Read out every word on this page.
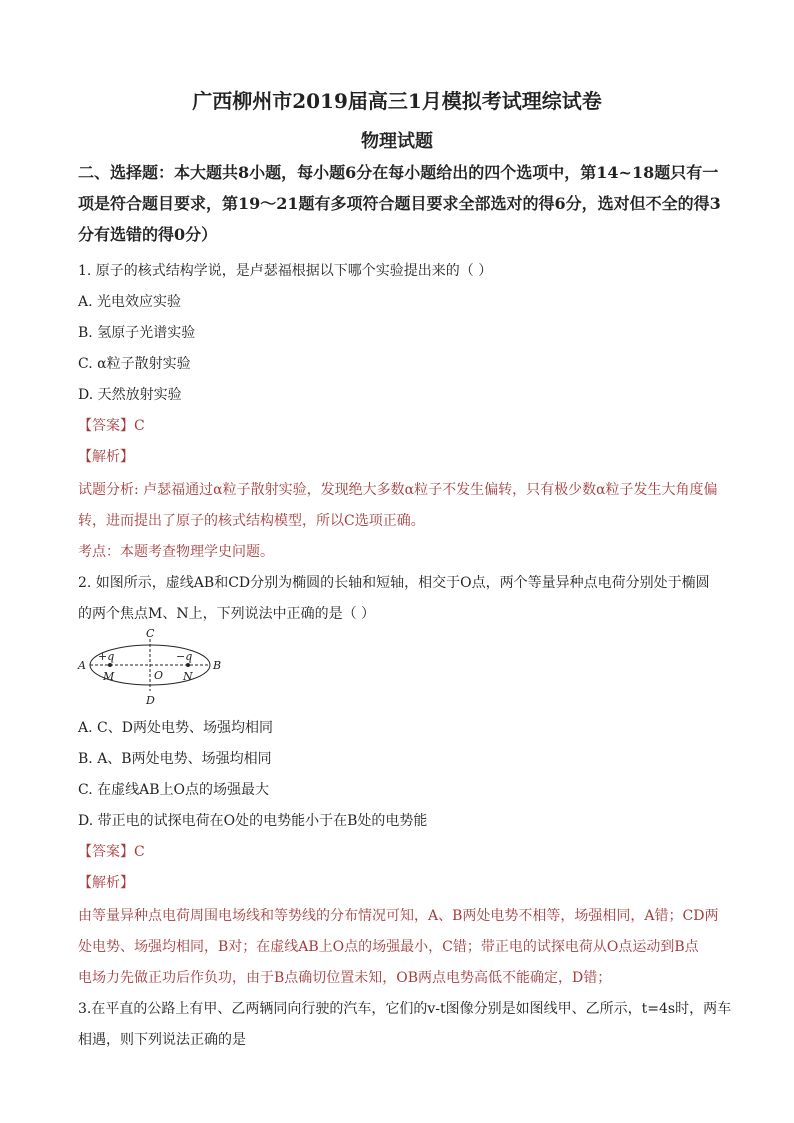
广西柳州市2019届高三1月模拟考试理综试卷
物理试题
二、选择题：本大题共8小题，每小题6分在每小题给出的四个选项中，第14~18题只有一
项是符合题目要求，第19～21题有多项符合题目要求全部选对的得6分，选对但不全的得3
分有选错的得0分）
1. 原子的核式结构学说，是卢瑟福根据以下哪个实验提出来的（ ）
A. 光电效应实验
B. 氢原子光谱实验
C. α粒子散射实验
D. 天然放射实验
【答案】C
【解析】
试题分析: 卢瑟福通过α粒子散射实验，发现绝大多数α粒子不发生偏转，只有极少数α粒子发生大角度偏
转，进而提出了原子的核式结构模型，所以C选项正确。
考点：本题考查物理学史问题。
2. 如图所示，虚线AB和CD分别为椭圆的长轴和短轴，相交于O点，两个等量异种点电荷分别处于椭圆
的两个焦点M、N上，下列说法中正确的是（ ）
A	B
C
D
O
M	N
+q	−q
A. C、D两处电势、场强均相同
B. A、B两处电势、场强均相同
C. 在虚线AB上O点的场强最大
D. 带正电的试探电荷在O处的电势能小于在B处的电势能
【答案】C
【解析】
由等量异种点电荷周围电场线和等势线的分布情况可知，A、B两处电势不相等，场强相同，A错；CD两
处电势、场强均相同，B对；在虚线AB上O点的场强最小，C错；带正电的试探电荷从O点运动到B点
电场力先做正功后作负功，由于B点确切位置未知，OB两点电势高低不能确定，D错；
3.在平直的公路上有甲、乙两辆同向行驶的汽车，它们的v-t图像分别是如图线甲、乙所示，t=4s时，两车
相遇，则下列说法正确的是
